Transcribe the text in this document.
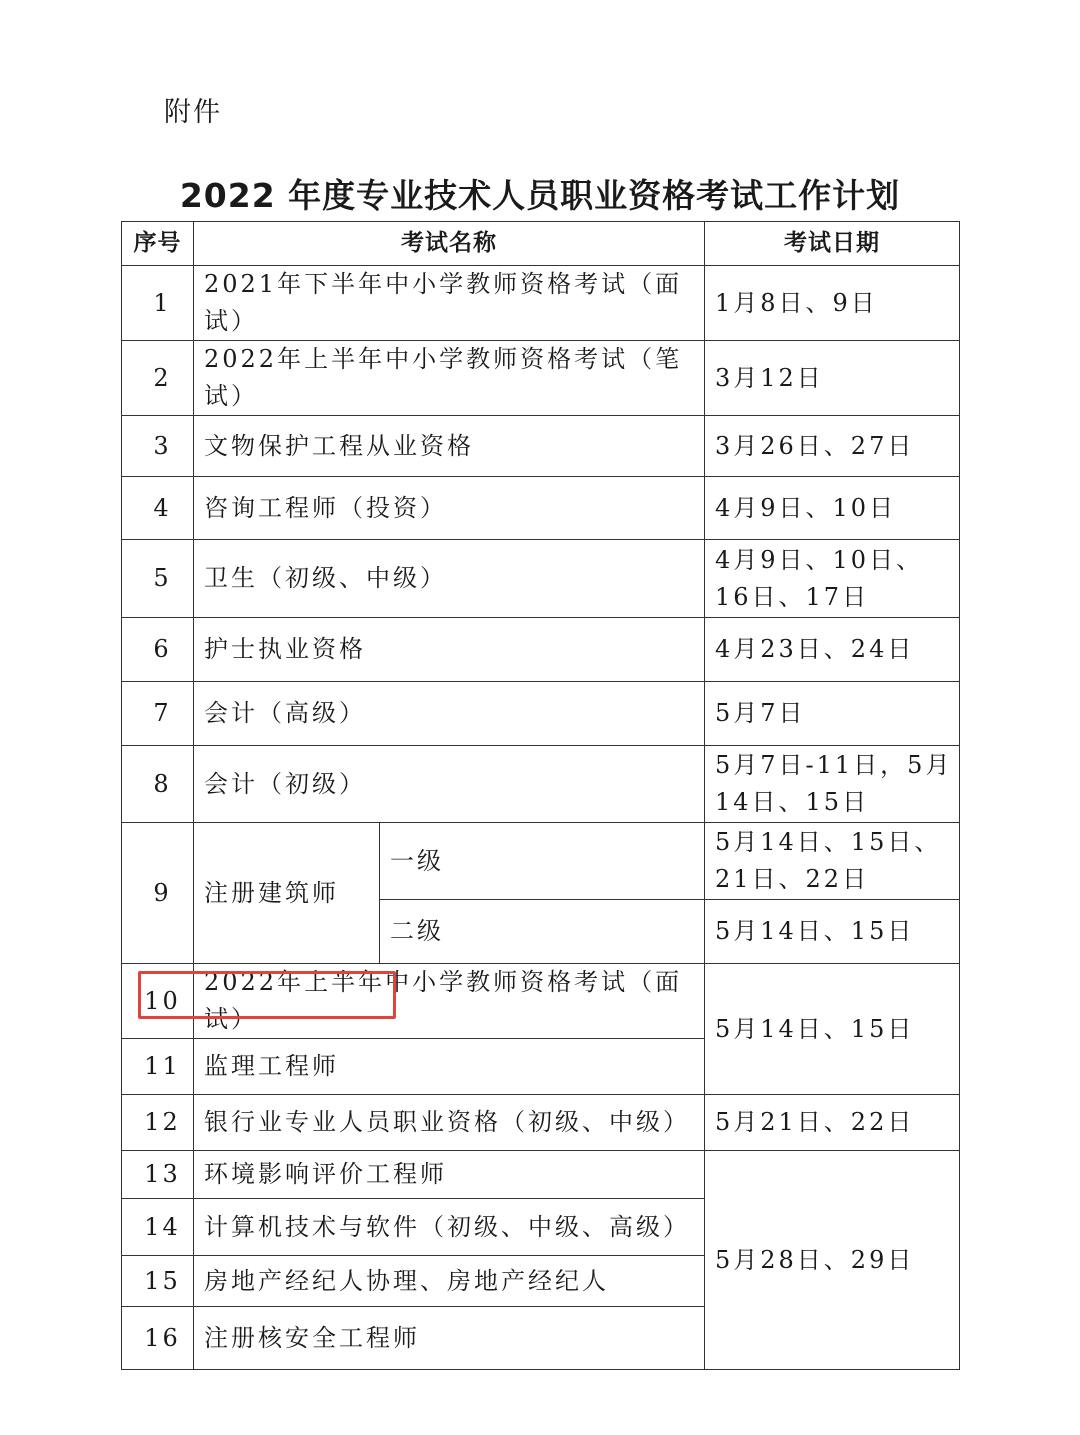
附件
2022 年度专业技术人员职业资格考试工作计划
序号	考试名称		考试日期
1	2021年下半年中小学教师资格考试（面试）		1月8日、9日
2	2022年上半年中小学教师资格考试（笔试）		3月12日
3	文物保护工程从业资格		3月26日、27日
4	咨询工程师（投资）		4月9日、10日
5	卫生（初级、中级）		4月9日、10日、16日、17日
6	护士执业资格		4月23日、24日
7	会计（高级）		5月7日
8	会计（初级）		5月7日-11日，5月14日、15日
9	注册建筑师	一级	5月14日、15日、21日、22日
		二级	5月14日、15日
10	2022年上半年中小学教师资格考试（面试）		5月14日、15日
11	监理工程师		
12	银行业专业人员职业资格（初级、中级）		5月21日、22日
13	环境影响评价工程师		5月28日、29日
14	计算机技术与软件（初级、中级、高级）		
15	房地产经纪人协理、房地产经纪人		
16	注册核安全工程师		
